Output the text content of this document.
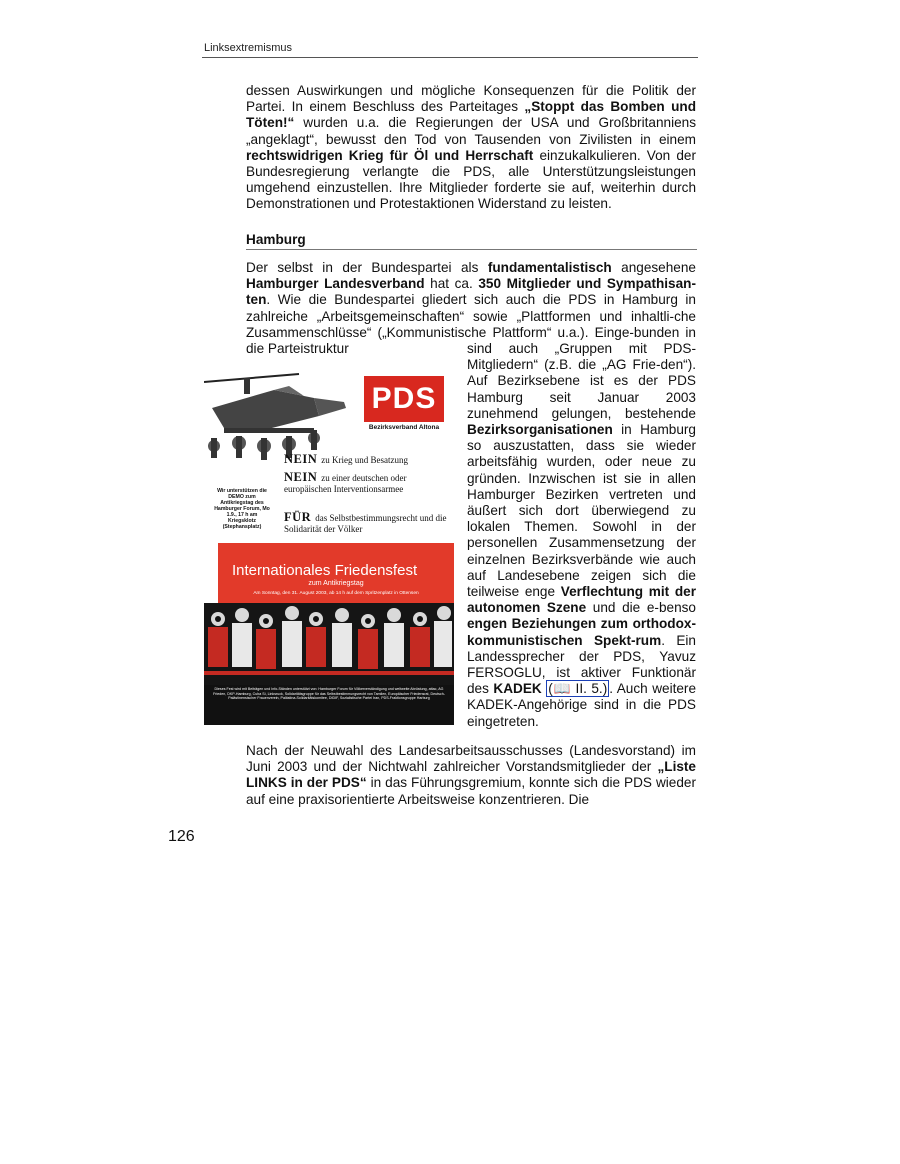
Linksextremismus
dessen Auswirkungen und mögliche Konsequenzen für die Politik der Partei. In einem Beschluss des Parteitages „Stoppt das Bomben und Töten!“ wurden u.a. die Regierungen der USA und Großbritanniens „angeklagt“, bewusst den Tod von Tausenden von Zivilisten in einem rechtswidrigen Krieg für Öl und Herrschaft einzukalkulieren. Von der Bundesregierung verlangte die PDS, alle Unterstützungsleistungen umgehend einzustellen. Ihre Mitglieder forderte sie auf, weiterhin durch Demonstrationen und Protestaktionen Widerstand zu leisten.
Hamburg
Der selbst in der Bundespartei als fundamentalistisch angesehene Hamburger Landesverband hat ca. 350 Mitglieder und Sympathisan-ten. Wie die Bundespartei gliedert sich auch die PDS in Hamburg in zahlreiche „Arbeitsgemeinschaften“ sowie „Plattformen und inhaltli-che Zusammenschlüsse“ („Kommunistische Plattform“ u.a.). Einge-bunden in die Parteistruktur	sind auch „Gruppen mit PDS-Mitgliedern“ (z.B. die „AG Frie-den“). Auf Bezirksebene ist es der PDS Hamburg seit Januar 2003 zunehmend gelungen, bestehende Bezirksorganisationen in Hamburg so auszustatten, dass sie wieder arbeitsfähig wurden, oder neue zu gründen. Inzwischen ist sie in allen Hamburger Bezirken vertreten und äußert sich dort überwiegend zu lokalen Themen. Sowohl in der personellen Zusammensetzung der einzelnen Bezirksverbände wie auch auf Landesebene zeigen sich die teilweise enge Verflechtung mit der autonomen Szene und die e-benso engen Beziehungen zum orthodox-kommunistischen Spekt-rum. Ein Landessprecher der PDS, Yavuz FERSOGLU, ist aktiver Funktionär des KADEK (📖 II. 5.) . Auch weitere KADEK-Angehörige sind in die PDS eingetreten.
PDS
Bezirksverband Altona
NEIN zu Krieg und Besatzung
NEIN zu einer deutschen oder europäischen Interventionsarmee
FÜR das Selbstbestimmungsrecht und die Solidarität der Völker
Wir unterstützen die DEMO zum Antikriegstag des Hamburger Forum, Mo 1.9., 17 h am Kriegsklotz (Stephansplatz)
Internationales Friedensfest
zum Antikriegstag
Am Sonntag, den 31. August 2003, ab 14 h auf dem Spritzenplatz in Ottensen
Dieses Fest wird mit Beiträgen und Info-Ständen unterstützt von: Hamburger Forum für Völkerverständigung und weltweite Abrüstung, attac, AG Frieden, DKP-Hamburg, Cuba Sí, Linksruck, Solidaritätsgruppe für das Selbstbestimmungsrecht von Tamilen, Europäischer Friedensrat, Deutsch-Palästinensischer Frauenverein, Palästina-Solidaritätskomitee, DIDIF, Sozialistische Partei Iran, PDS-Fraktionsgruppe Harburg
Nach der Neuwahl des Landesarbeitsausschusses (Landesvorstand) im Juni 2003 und der Nichtwahl zahlreicher Vorstandsmitglieder der „Liste LINKS in der PDS“ in das Führungsgremium, konnte sich die PDS wieder auf eine praxisorientierte Arbeitsweise konzentrieren. Die
126
